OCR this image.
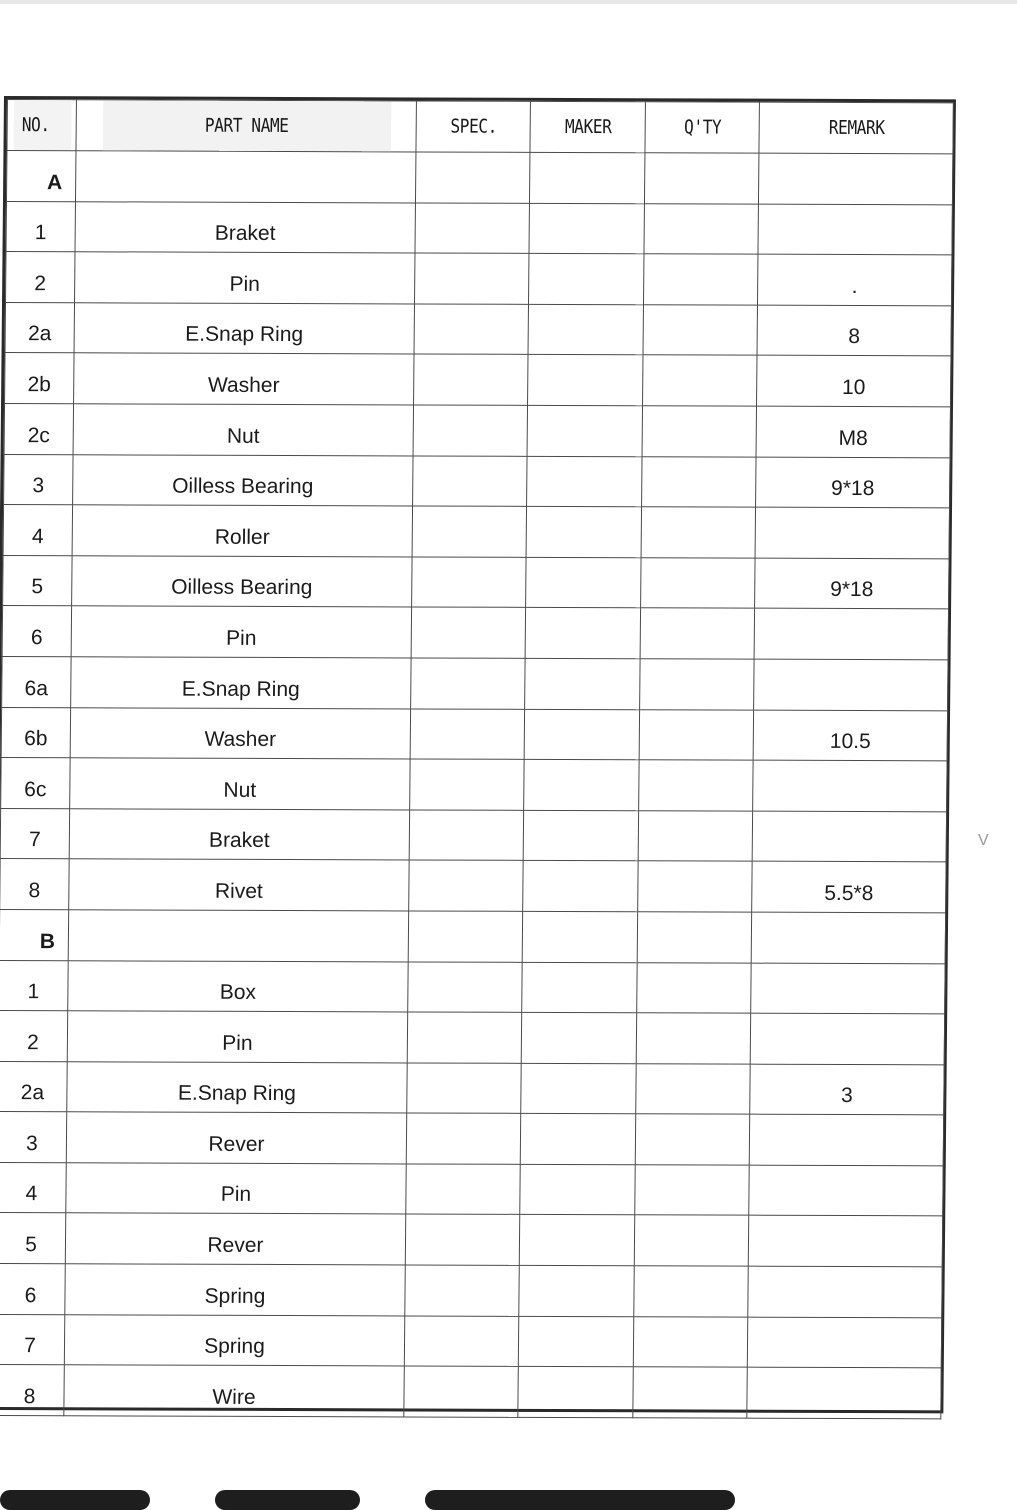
NO.	PART NAME	SPEC.	MAKER	Q'TY	REMARK
A					
1	Braket				
2	Pin				.
2a	E.Snap Ring				8
2b	Washer				10
2c	Nut				M8
3	Oilless Bearing				9*18
4	Roller				
5	Oilless Bearing				9*18
6	Pin				
6a	E.Snap Ring				
6b	Washer				10.5
6c	Nut				
7	Braket				
8	Rivet				5.5*8
B					
1	Box				
2	Pin				
2a	E.Snap Ring				3
3	Rever				
4	Pin				
5	Rever				
6	Spring				
7	Spring				
8	Wire				
V
